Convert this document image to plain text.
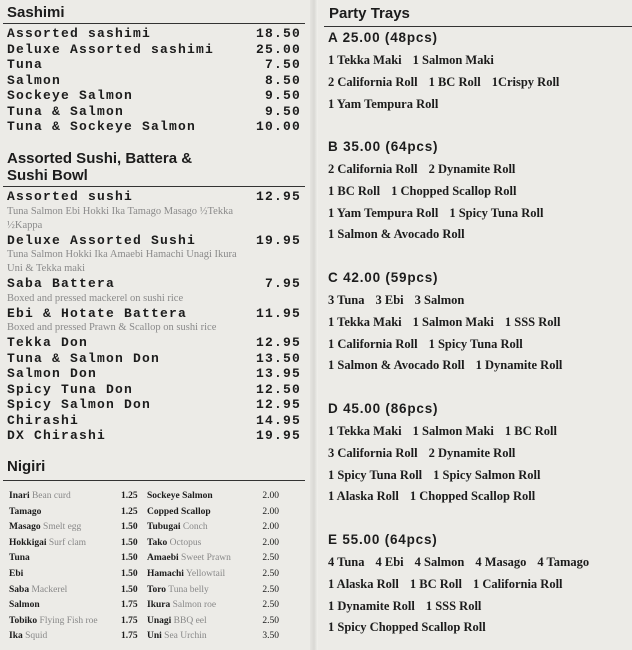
Sashimi
Assorted sashimi	18.50
Deluxe Assorted sashimi	25.00
Tuna	7.50
Salmon	8.50
Sockeye Salmon	9.50
Tuna & Salmon	9.50
Tuna & Sockeye Salmon	10.00
Assorted Sushi, Battera &
Sushi Bowl
Assorted sushi	12.95
Tuna Salmon Ebi Hokki Ika Tamago Masago ½Tekka
½Kappa
Deluxe Assorted Sushi	19.95
Tuna Salmon Hokki Ika Amaebi Hamachi Unagi Ikura
Uni & Tekka maki
Saba Battera	7.95
Boxed and pressed mackerel on sushi rice
Ebi & Hotate Battera	11.95
Boxed and pressed Prawn & Scallop on sushi rice
Tekka Don	12.95
Tuna & Salmon Don	13.50
Salmon Don	13.95
Spicy Tuna Don	12.50
Spicy Salmon Don	12.95
Chirashi	14.95
DX Chirashi	19.95
Nigiri
Inari Bean curd	1.25 Sockeye Salmon	2.00
Tamago	1.25 Copped Scallop	2.00
Masago Smelt egg	1.50 Tubugai Conch	2.00
Hokkigai Surf clam	1.50 Tako Octopus	2.00
Tuna	1.50 Amaebi Sweet Prawn	2.50
Ebi	1.50 Hamachi Yellowtail	2.50
Saba Mackerel	1.50 Toro Tuna belly	2.50
Salmon	1.75 Ikura Salmon roe	2.50
Tobiko Flying Fish roe	1.75 Unagi BBQ eel	2.50
Ika Squid	1.75 Uni Sea Urchin	3.50
Party Trays
A 25.00 (48pcs)
1 Tekka Maki 1 Salmon Maki
2 California Roll 1 BC Roll 1Crispy Roll
1 Yam Tempura Roll
B 35.00 (64pcs)
2 California Roll 2 Dynamite Roll
1 BC Roll 1 Chopped Scallop Roll
1 Yam Tempura Roll 1 Spicy Tuna Roll
1 Salmon & Avocado Roll
C 42.00 (59pcs)
3 Tuna 3 Ebi 3 Salmon
1 Tekka Maki 1 Salmon Maki 1 SSS Roll
1 California Roll 1 Spicy Tuna Roll
1 Salmon & Avocado Roll 1 Dynamite Roll
D 45.00 (86pcs)
1 Tekka Maki 1 Salmon Maki 1 BC Roll
3 California Roll 2 Dynamite Roll
1 Spicy Tuna Roll 1 Spicy Salmon Roll
1 Alaska Roll 1 Chopped Scallop Roll
E 55.00 (64pcs)
4 Tuna 4 Ebi 4 Salmon 4 Masago 4 Tamago
1 Alaska Roll 1 BC Roll 1 California Roll
1 Dynamite Roll 1 SSS Roll
1 Spicy Chopped Scallop Roll
